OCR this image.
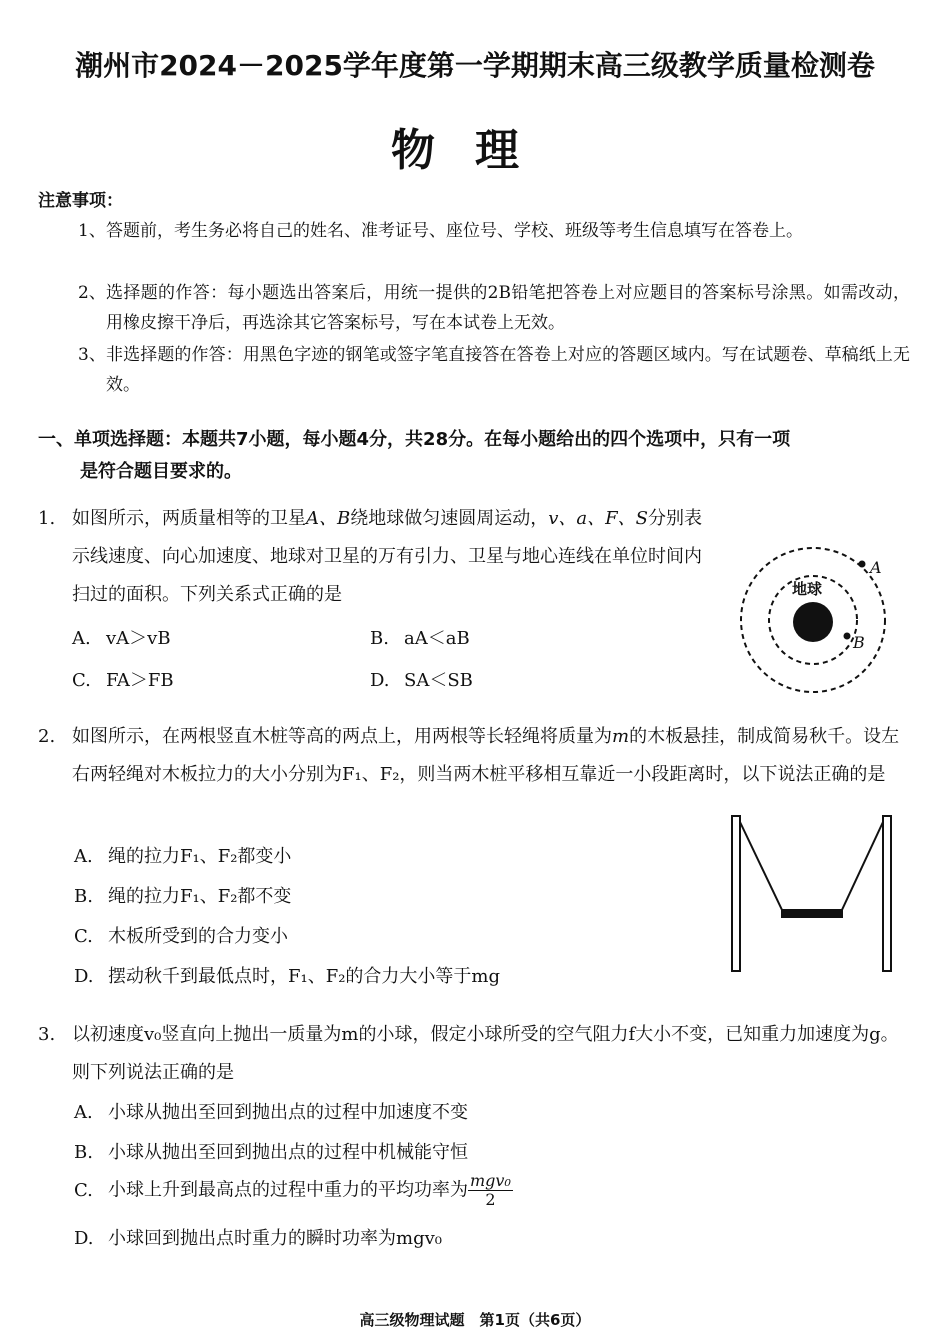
潮州市2024－2025学年度第一学期期末高三级教学质量检测卷
物理
注意事项：
1、 答题前，考生务必将自己的姓名、准考证号、座位号、学校、班级等考生信息填写在答卷上。
2、 选择题的作答：每小题选出答案后，用统一提供的2B铅笔把答卷上对应题目的答案标号涂黑。如需改动，用橡皮擦干净后，再选涂其它答案标号，写在本试卷上无效。
3、 非选择题的作答：用黑色字迹的钢笔或签字笔直接答在答卷上对应的答题区域内。写在试题卷、草稿纸上无效。
一、单项选择题：本题共7小题，每小题4分，共28分。在每小题给出的四个选项中，只有一项
是符合题目要求的。
1. 如图所示，两质量相等的卫星A、B绕地球做匀速圆周运动，v、a、F、S分别表示线速度、向心加速度、地球对卫星的万有引力、卫星与地心连线在单位时间内扫过的面积。下列关系式正确的是
A. vA＞vB	B. aA＜aB
C. FA＞FB	D. SA＜SB
地球
A
B
2. 如图所示，在两根竖直木桩等高的两点上，用两根等长轻绳将质量为m的木板悬挂，制成简易秋千。设左右两轻绳对木板拉力的大小分别为F₁、F₂，则当两木桩平移相互靠近一小段距离时，以下说法正确的是
A. 绳的拉力F₁、F₂都变小
B. 绳的拉力F₁、F₂都不变
C. 木板所受到的合力变小
D. 摆动秋千到最低点时，F₁、F₂的合力大小等于mg
3. 以初速度v₀竖直向上抛出一质量为m的小球，假定小球所受的空气阻力f大小不变，已知重力加速度为g。则下列说法正确的是
A. 小球从抛出至回到抛出点的过程中加速度不变
B. 小球从抛出至回到抛出点的过程中机械能守恒
C. 小球上升到最高点的过程中重力的平均功率为 $\frac{\text{mgv₀}}{2}$
D. 小球回到抛出点时重力的瞬时功率为mgv₀
高三级物理试题　第1页（共6页）
